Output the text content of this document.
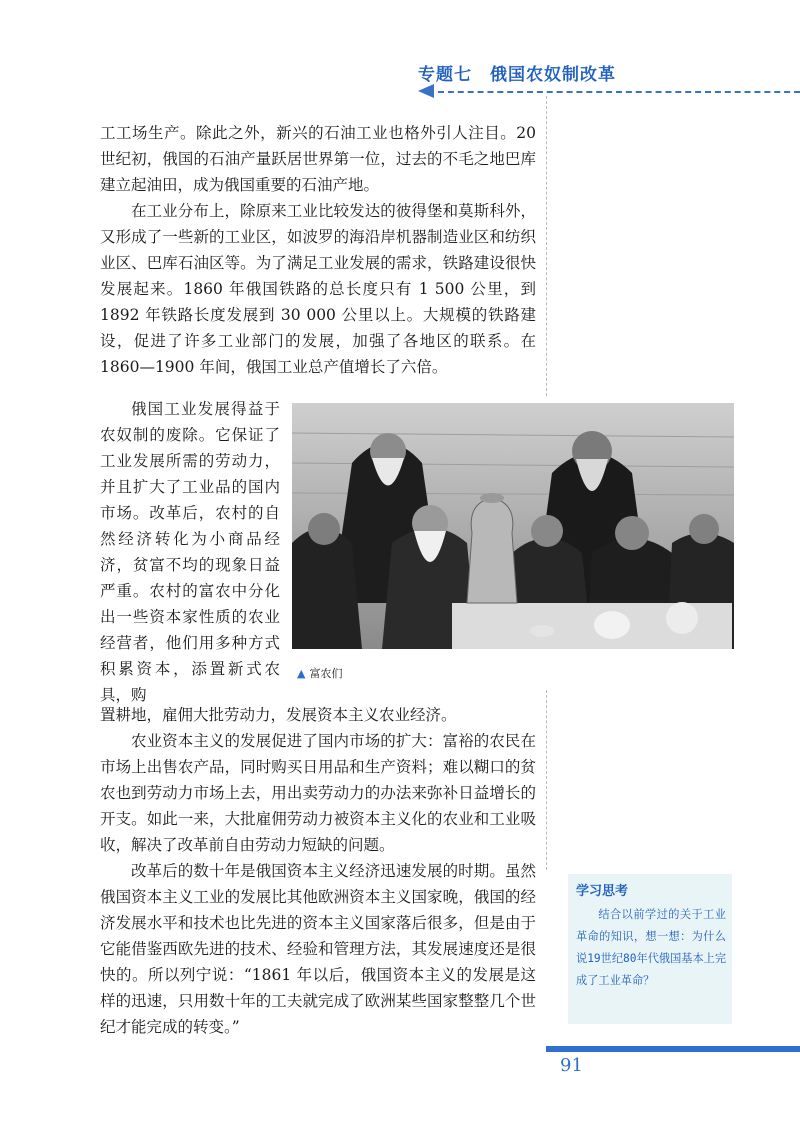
专题七　俄国农奴制改革

工工场生产。除此之外，新兴的石油工业也格外引人注目。20世纪初，俄国的石油产量跃居世界第一位，过去的不毛之地巴库建立起油田，成为俄国重要的石油产地。

在工业分布上，除原来工业比较发达的彼得堡和莫斯科外，又形成了一些新的工业区，如波罗的海沿岸机器制造业区和纺织业区、巴库石油区等。为了满足工业发展的需求，铁路建设很快发展起来。1860 年俄国铁路的总长度只有 1 500 公里，到 1892 年铁路长度发展到 30 000 公里以上。大规模的铁路建设，促进了许多工业部门的发展，加强了各地区的联系。在 1860—1900 年间，俄国工业总产值增长了六倍。

俄国工业发展得益于农奴制的废除。它保证了工业发展所需的劳动力，并且扩大了工业品的国内市场。改革后，农村的自然经济转化为小商品经济，贫富不均的现象日益严重。农村的富农中分化出一些资本家性质的农业经营者，他们用多种方式积累资本，添置新式农具，购

▲ 富农们

置耕地，雇佣大批劳动力，发展资本主义农业经济。

农业资本主义的发展促进了国内市场的扩大：富裕的农民在市场上出售农产品，同时购买日用品和生产资料；难以糊口的贫农也到劳动力市场上去，用出卖劳动力的办法来弥补日益增长的开支。如此一来，大批雇佣劳动力被资本主义化的农业和工业吸收，解决了改革前自由劳动力短缺的问题。

改革后的数十年是俄国资本主义经济迅速发展的时期。虽然俄国资本主义工业的发展比其他欧洲资本主义国家晚，俄国的经济发展水平和技术也比先进的资本主义国家落后很多，但是由于它能借鉴西欧先进的技术、经验和管理方法，其发展速度还是很快的。所以列宁说：“1861 年以后，俄国资本主义的发展是这样的迅速，只用数十年的工夫就完成了欧洲某些国家整整几个世纪才能完成的转变。”

学习思考
结合以前学过的关于工业革命的知识，想一想：为什么说19世纪80年代俄国基本上完成了工业革命？
91
